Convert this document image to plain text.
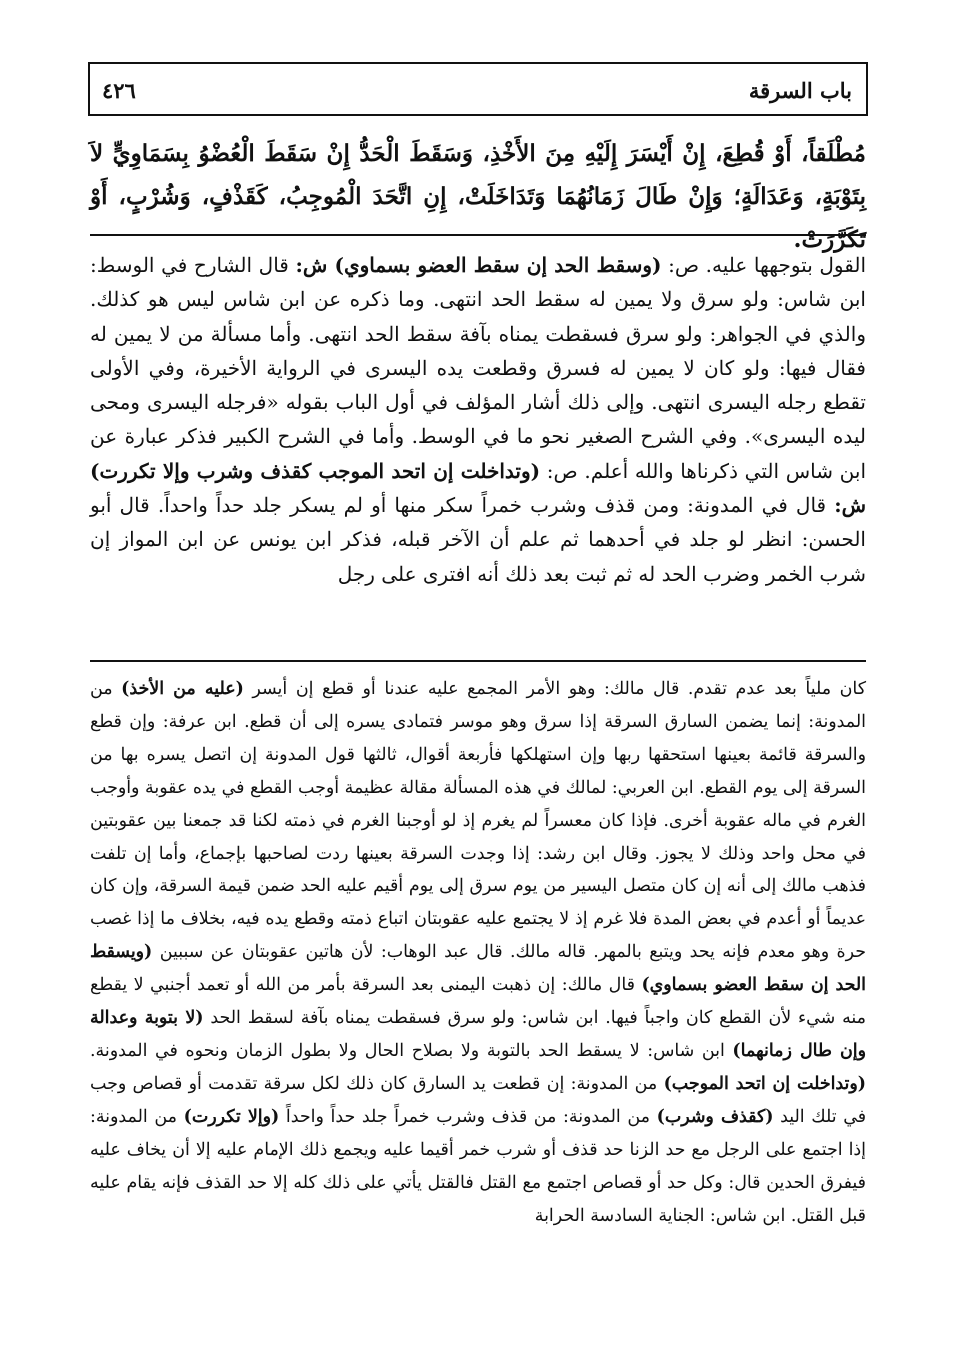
٤٢٦	باب السرقة

مُطْلَقاً، أَوْ قُطِعَ، إِنْ أَيْسَرَ إِلَيْهِ مِنَ الأَخْذِ، وَسَقَطَ الْحَدُّ إِنْ سَقَطَ الْعُضْوُ بِسَمَاوِيٍّ لاَ بِتَوْبَةٍ، وَعَدَالَةٍ؛ وَإِنْ طَالَ زَمَانُهُمَا وَتَدَاخَلَتْ، إِنِ اتَّحَدَ الْمُوجِبُ، كَقَذْفٍ، وَشُرْبٍ، أَوْ تَكَرَّرَتْ.

القول بتوجهها عليه. ص: (وسقط الحد إن سقط العضو بسماوي) ش: قال الشارح في الوسط: ابن شاس: ولو سرق ولا يمين له سقط الحد انتهى. وما ذكره عن ابن شاس ليس هو كذلك. والذي في الجواهر: ولو سرق فسقطت يمناه بآفة سقط الحد انتهى. وأما مسألة من لا يمين له فقال فيها: ولو كان لا يمين له فسرق وقطعت يده اليسرى في الرواية الأخيرة، وفي الأولى تقطع رجله اليسرى انتهى. وإلى ذلك أشار المؤلف في أول الباب بقوله «فرجله اليسرى ومحى ليده اليسرى». وفي الشرح الصغير نحو ما في الوسط. وأما في الشرح الكبير فذكر عبارة عن ابن شاس التي ذكرناها والله أعلم. ص: (وتداخلت إن اتحد الموجب كقذف وشرب وإلا تكررت) ش: قال في المدونة: ومن قذف وشرب خمراً سكر منها أو لم يسكر جلد حداً واحداً. قال أبو الحسن: انظر لو جلد في أحدهما ثم علم أن الآخر قبله، فذكر ابن يونس عن ابن المواز إن شرب الخمر وضرب الحد له ثم ثبت بعد ذلك أنه افترى على رجل

كان ملياً بعد عدم تقدم. قال مالك: وهو الأمر المجمع عليه عندنا أو قطع إن أيسر (عليه من الأخذ) من المدونة: إنما يضمن السارق السرقة إذا سرق وهو موسر فتمادى يسره إلى أن قطع. ابن عرفة: وإن قطع والسرقة قائمة بعينها استحقها ربها وإن استهلكها فأربعة أقوال، ثالثها قول المدونة إن اتصل يسره بها من السرقة إلى يوم القطع. ابن العربي: لمالك في هذه المسألة مقالة عظيمة أوجب القطع في يده عقوبة وأوجب الغرم في ماله عقوبة أخرى. فإذا كان معسراً لم يغرم إذ لو أوجبنا الغرم في ذمته لكنا قد جمعنا بين عقوبتين في محل واحد وذلك لا يجوز. وقال ابن رشد: إذا وجدت السرقة بعينها ردت لصاحبها بإجماع، وأما إن تلفت فذهب مالك إلى أنه إن كان متصل اليسير من يوم سرق إلى يوم أقيم عليه الحد ضمن قيمة السرقة، وإن كان عديماً أو أعدم في بعض المدة فلا غرم إذ لا يجتمع عليه عقوبتان اتباع ذمته وقطع يده فيه، بخلاف ما إذا غصب حرة وهو معدم فإنه يحد ويتبع بالمهر. قاله مالك. قال عبد الوهاب: لأن هاتين عقوبتان عن سببين (ويسقط الحد إن سقط العضو بسماوي) قال مالك: إن ذهبت اليمنى بعد السرقة بأمر من الله أو تعمد أجنبي لا يقطع منه شيء لأن القطع كان واجباً فيها. ابن شاس: ولو سرق فسقطت يمناه بآفة لسقط الحد (لا بتوبة وعدالة وإن طال زمانهما) ابن شاس: لا يسقط الحد بالتوبة ولا بصلاح الحال ولا بطول الزمان ونحوه في المدونة. (وتداخلت إن اتحد الموجب) من المدونة: إن قطعت يد السارق كان ذلك لكل سرقة تقدمت أو قصاص وجب في تلك اليد (كقذف وشرب) من المدونة: من قذف وشرب خمراً جلد حداً واحداً (وإلا تكررت) من المدونة: إذا اجتمع على الرجل مع حد الزنا حد قذف أو شرب خمر أقيما عليه ويجمع ذلك الإمام عليه إلا أن يخاف عليه فيفرق الحدين قال: وكل حد أو قصاص اجتمع مع القتل فالقتل يأتي على ذلك كله إلا حد القذف فإنه يقام عليه قبل القتل. ابن شاس: الجناية السادسة الحرابة
